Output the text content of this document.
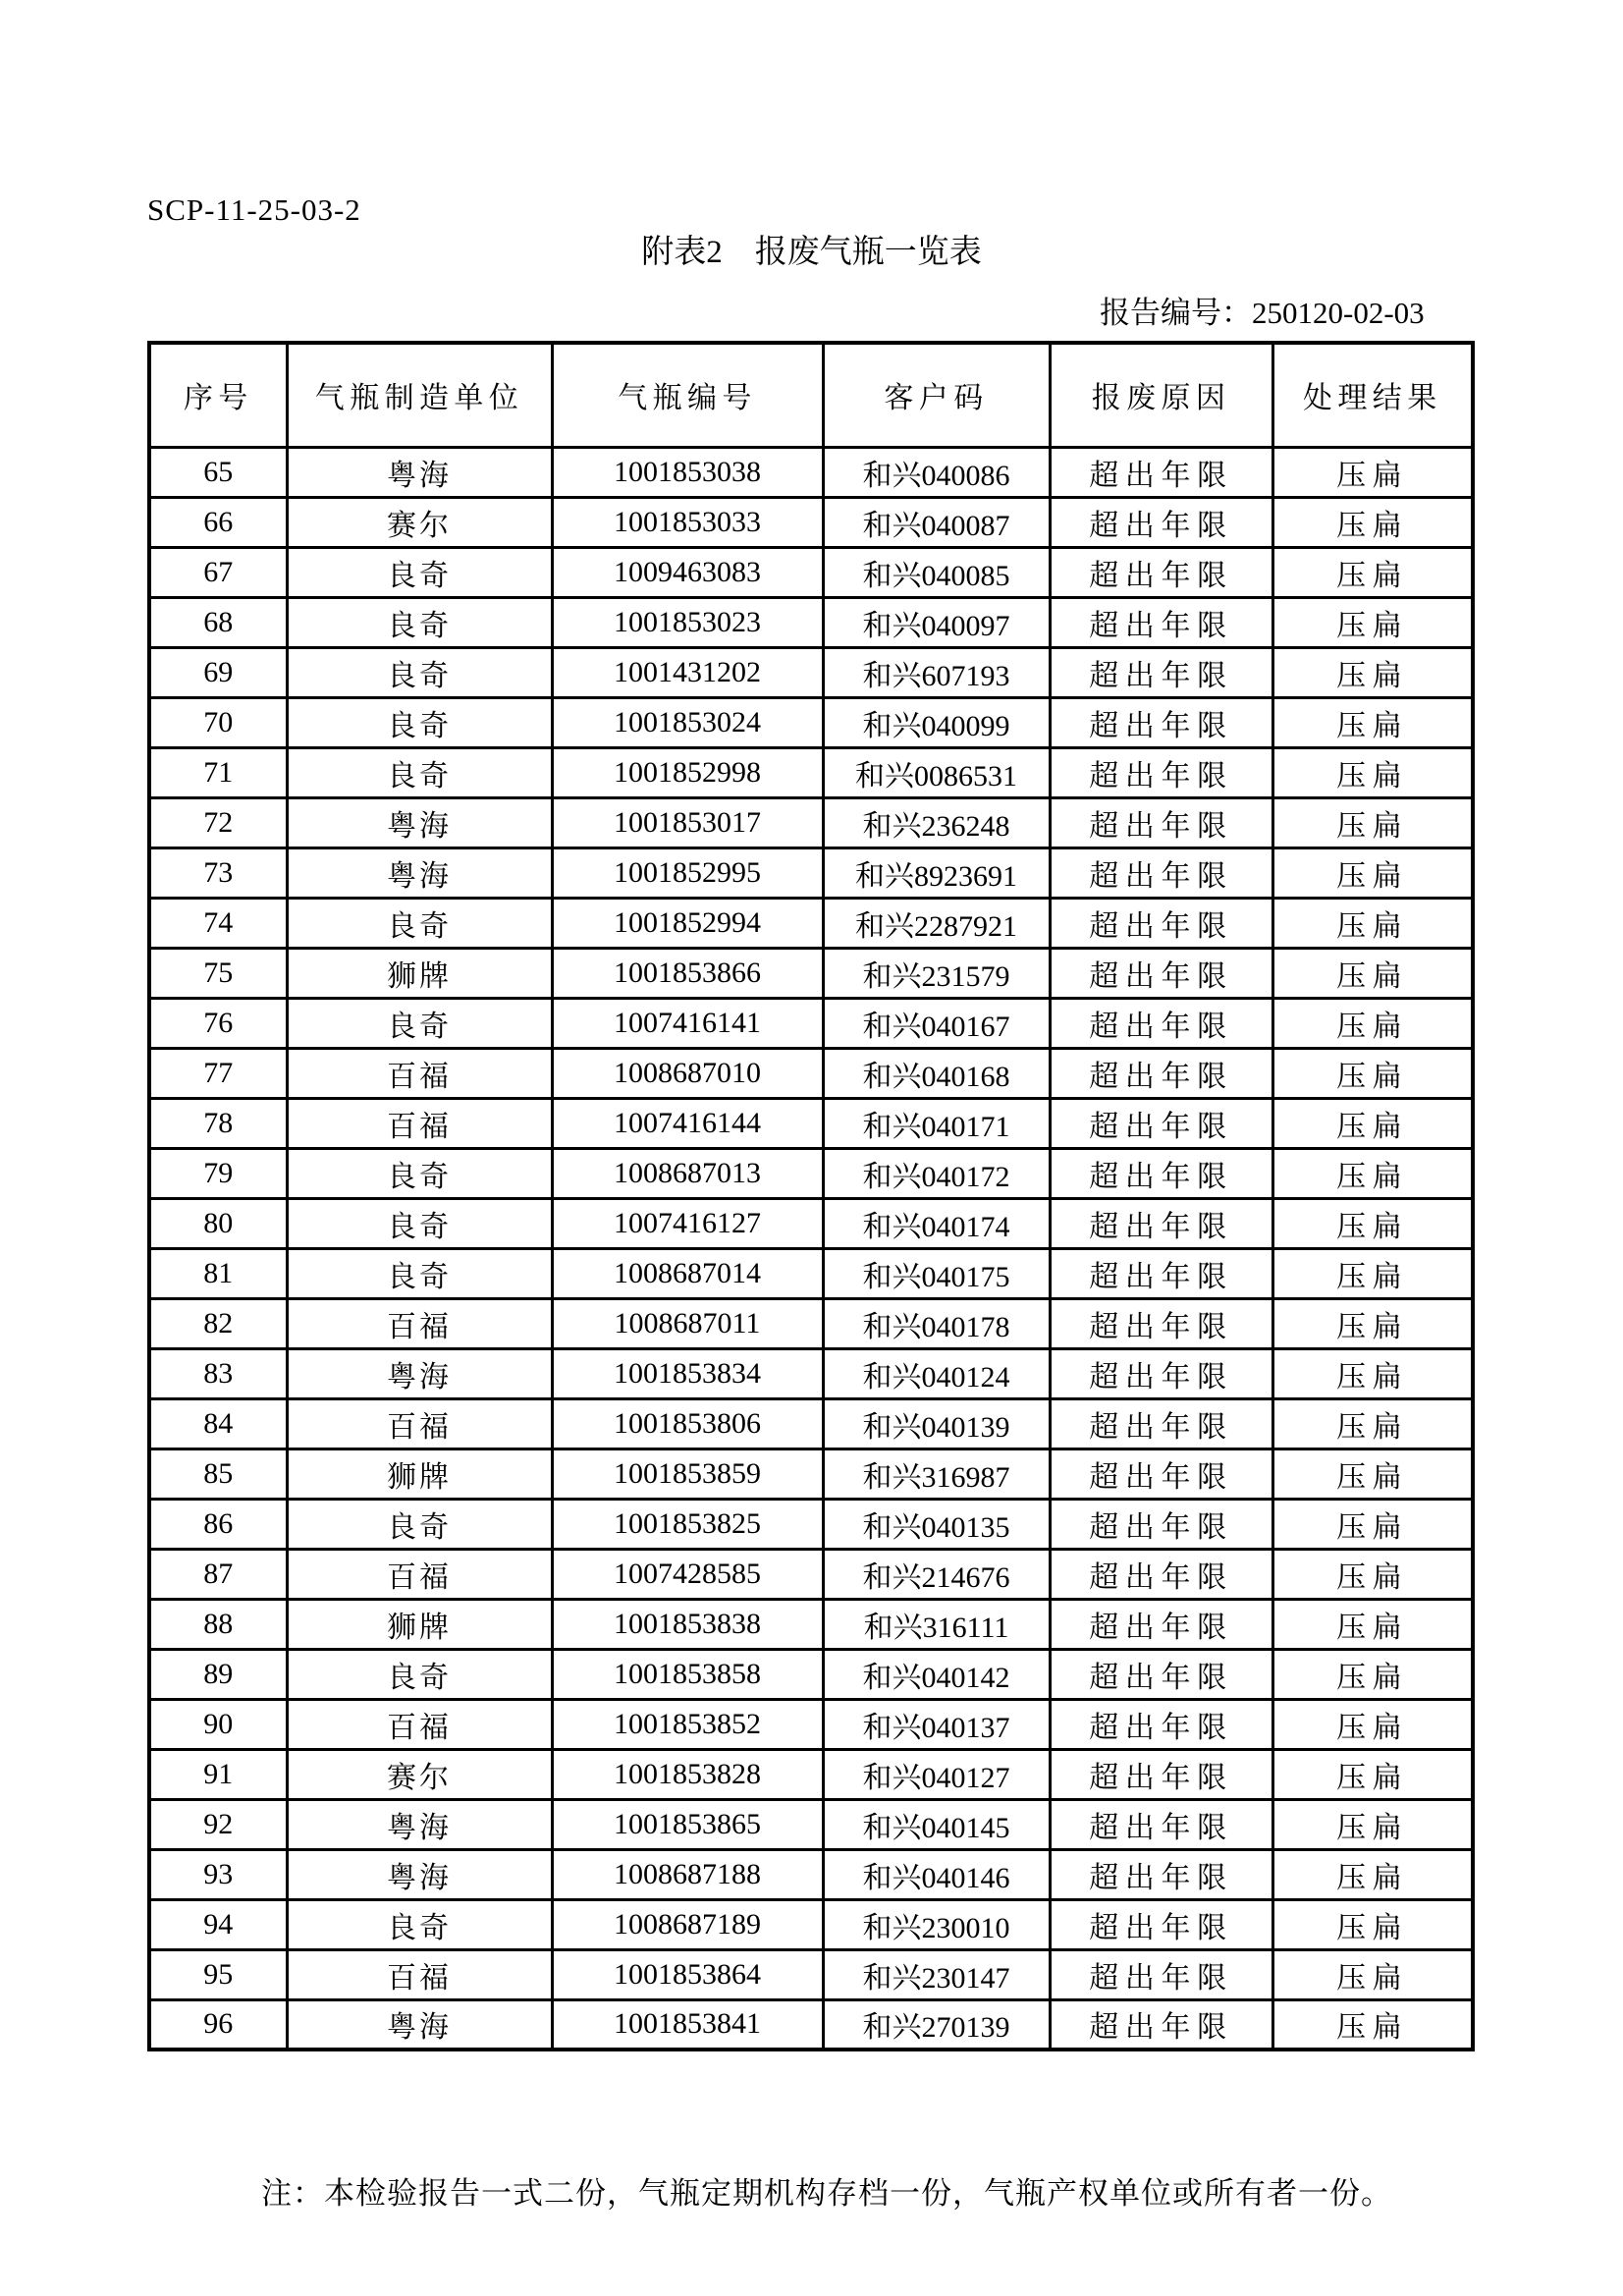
SCP-11-25-03-2
附表2　报废气瓶一览表
报告编号：250120-02-03
序号	气瓶制造单位	气瓶编号	客户码	报废原因	处理结果
65	粤海	1001853038	和兴040086	超出年限	压扁
66	赛尔	1001853033	和兴040087	超出年限	压扁
67	良奇	1009463083	和兴040085	超出年限	压扁
68	良奇	1001853023	和兴040097	超出年限	压扁
69	良奇	1001431202	和兴607193	超出年限	压扁
70	良奇	1001853024	和兴040099	超出年限	压扁
71	良奇	1001852998	和兴0086531	超出年限	压扁
72	粤海	1001853017	和兴236248	超出年限	压扁
73	粤海	1001852995	和兴8923691	超出年限	压扁
74	良奇	1001852994	和兴2287921	超出年限	压扁
75	狮牌	1001853866	和兴231579	超出年限	压扁
76	良奇	1007416141	和兴040167	超出年限	压扁
77	百福	1008687010	和兴040168	超出年限	压扁
78	百福	1007416144	和兴040171	超出年限	压扁
79	良奇	1008687013	和兴040172	超出年限	压扁
80	良奇	1007416127	和兴040174	超出年限	压扁
81	良奇	1008687014	和兴040175	超出年限	压扁
82	百福	1008687011	和兴040178	超出年限	压扁
83	粤海	1001853834	和兴040124	超出年限	压扁
84	百福	1001853806	和兴040139	超出年限	压扁
85	狮牌	1001853859	和兴316987	超出年限	压扁
86	良奇	1001853825	和兴040135	超出年限	压扁
87	百福	1007428585	和兴214676	超出年限	压扁
88	狮牌	1001853838	和兴316111	超出年限	压扁
89	良奇	1001853858	和兴040142	超出年限	压扁
90	百福	1001853852	和兴040137	超出年限	压扁
91	赛尔	1001853828	和兴040127	超出年限	压扁
92	粤海	1001853865	和兴040145	超出年限	压扁
93	粤海	1008687188	和兴040146	超出年限	压扁
94	良奇	1008687189	和兴230010	超出年限	压扁
95	百福	1001853864	和兴230147	超出年限	压扁
96	粤海	1001853841	和兴270139	超出年限	压扁
注：本检验报告一式二份，气瓶定期机构存档一份，气瓶产权单位或所有者一份。
